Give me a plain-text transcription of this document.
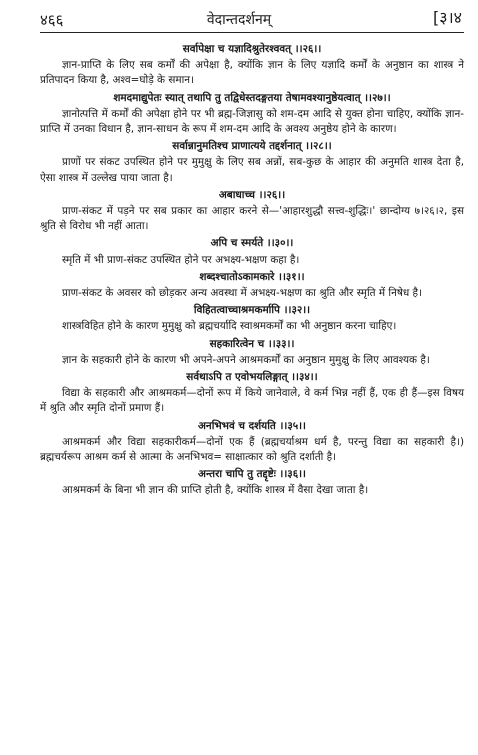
४६६	वेदान्तदर्शनम्	[३।४
सर्वापेक्षा च यज्ञादिश्रुतेरश्ववत् ।।२६।।

ज्ञान-प्राप्ति के लिए सब कर्मों की अपेक्षा है, क्योंकि ज्ञान के लिए यज्ञादि कर्मों के अनुष्ठान का शास्त्र ने प्रतिपादन किया है, अश्व=घोड़े के समान।

शमदमाद्युपेतः स्यात् तथापि तु तद्विधेस्तदङ्गतया तेषामवश्यानुष्ठेयत्वात् ।।२७।।

ज्ञानोत्पत्ति में कर्मों की अपेक्षा होने पर भी ब्रह्म-जिज्ञासु को शम-दम आदि से युक्त होना चाहिए, क्योंकि ज्ञान-प्राप्ति में उनका विधान है, ज्ञान-साधन के रूप में शम-दम आदि के अवश्य अनुष्ठेय होने के कारण।

सर्वान्नानुमतिश्च प्राणात्यये तद्दर्शनात् ।।२८।।

प्राणों पर संकट उपस्थित होने पर मुमुक्षु के लिए सब अन्नों, सब-कुछ के आहार की अनुमति शास्त्र देता है, ऐसा शास्त्र में उल्लेख पाया जाता है।

अबाधाच्च ।।२६।।

प्राण-संकट में पड़ने पर सब प्रकार का आहार करने से—'आहारशुद्धौ सत्त्व-शुद्धिः।' छान्दोग्य ७।२६।२, इस श्रुति से विरोध भी नहीं आता।

अपि च स्मर्यते ।।३०।।

स्मृति में भी प्राण-संकट उपस्थित होने पर अभक्ष्य-भक्षण कहा है।

शब्दश्चातोऽकामकारे ।।३१।।

प्राण-संकट के अवसर को छोड़कर अन्य अवस्था में अभक्ष्य-भक्षण का श्रुति और स्मृति में निषेध है।

विहितत्वाच्चाश्रमकर्मापि ।।३२।।

शास्त्रविहित होने के कारण मुमुक्षु को ब्रह्मचर्यादि स्वाश्रमकर्मों का भी अनुष्ठान करना चाहिए।

सहकारित्वेन च ।।३३।।

ज्ञान के सहकारी होने के कारण भी अपने-अपने आश्रमकर्मों का अनुष्ठान मुमुक्षु के लिए आवश्यक है।

सर्वथाऽपि त एवोभयलिङ्गात् ।।३४।।

विद्या के सहकारी और आश्रमकर्म—दोनों रूप में किये जानेवाले, वे कर्म भिन्न नहीं हैं, एक ही हैं—इस विषय में श्रुति और स्मृति दोनों प्रमाण हैं।

अनभिभवं च दर्शयति ।।३५।।

आश्रमकर्म और विद्या सहकारीकर्म—दोनों एक हैं (ब्रह्मचर्याश्रम धर्म है, परन्तु विद्या का सहकारी है।) ब्रह्मचर्यरूप आश्रम कर्म से आत्मा के अनभिभव= साक्षात्कार को श्रुति दर्शाती है।

अन्तरा चापि तु तद्दृष्टेः ।।३६।।

आश्रमकर्म के बिना भी ज्ञान की प्राप्ति होती है, क्योंकि शास्त्र में वैसा देखा जाता है।
